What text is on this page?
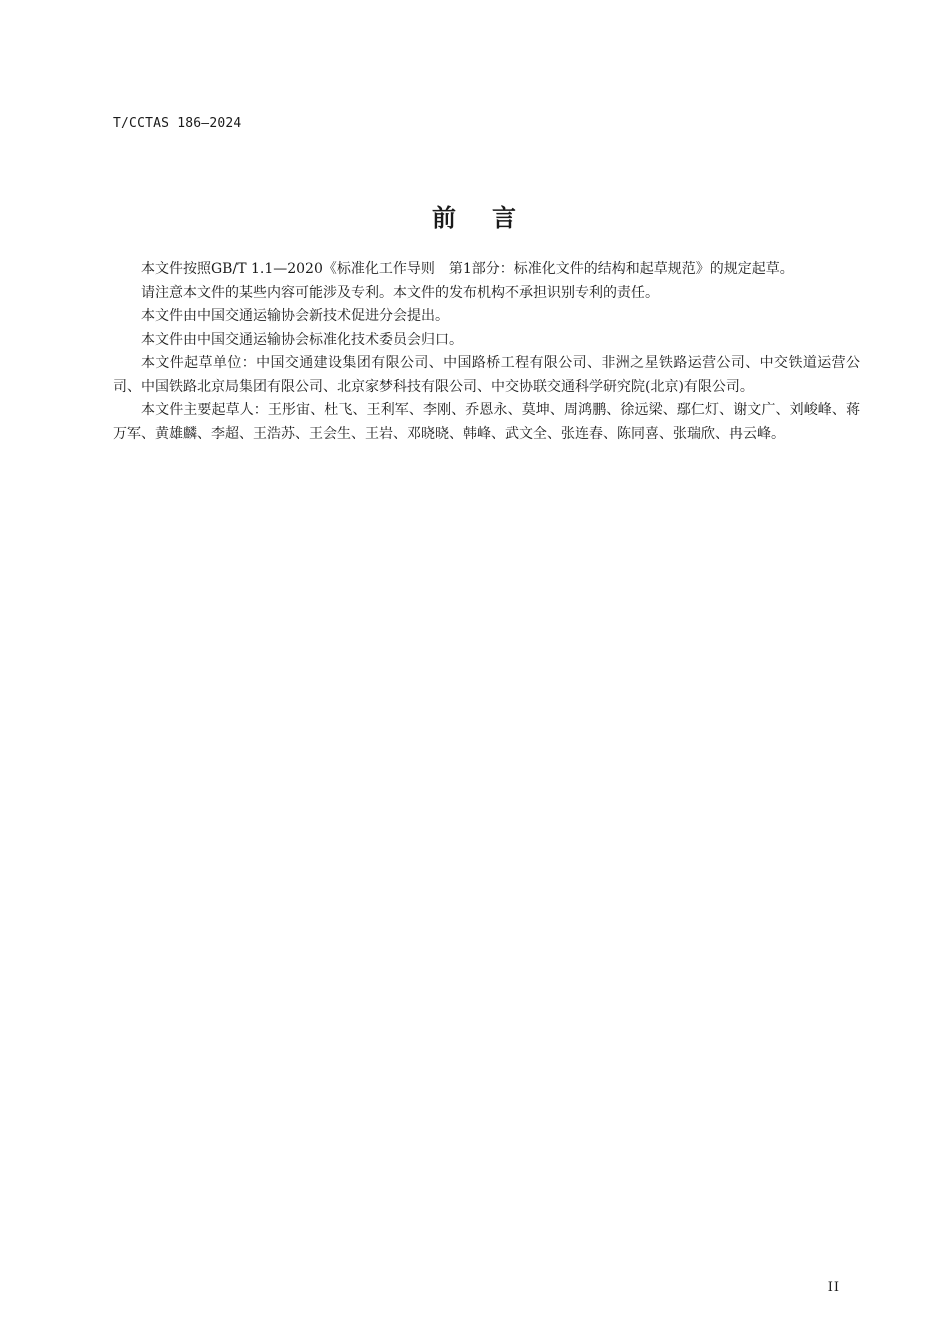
T/CCTAS 186—2024
前 言

本文件按照GB/T 1.1—2020《标准化工作导则　第1部分：标准化文件的结构和起草规范》的规定起草。

请注意本文件的某些内容可能涉及专利。本文件的发布机构不承担识别专利的责任。

本文件由中国交通运输协会新技术促进分会提出。

本文件由中国交通运输协会标准化技术委员会归口。

本文件起草单位：中国交通建设集团有限公司、中国路桥工程有限公司、非洲之星铁路运营公司、中交铁道运营公司、中国铁路北京局集团有限公司、北京家梦科技有限公司、中交协联交通科学研究院(北京)有限公司。

本文件主要起草人：王彤宙、杜飞、王利军、李刚、乔恩永、莫坤、周鸿鹏、徐远梁、鄢仁灯、谢文广、刘峻峰、蒋万军、黄雄麟、李超、王浩苏、王会生、王岩、邓晓晓、韩峰、武文全、张连春、陈同喜、张瑞欣、冉云峰。

II
